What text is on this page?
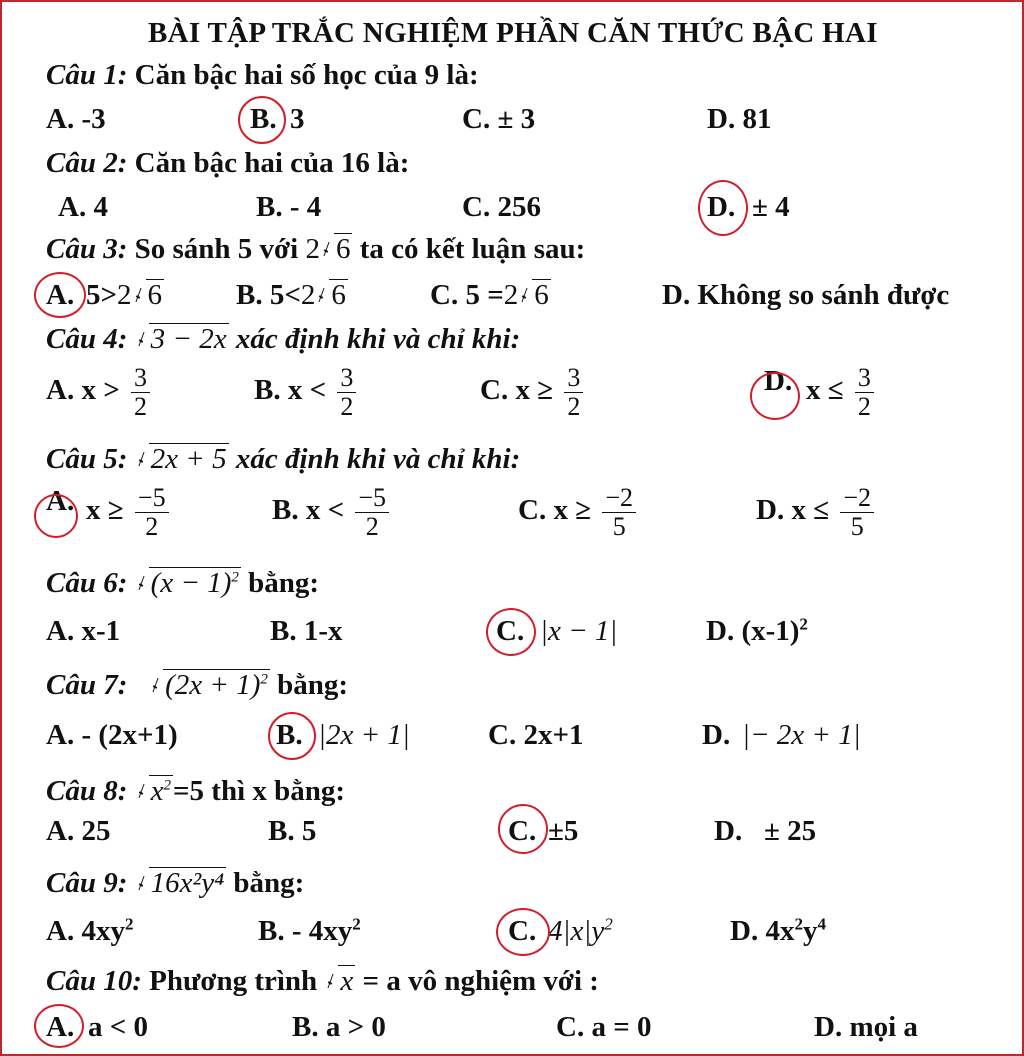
BÀI TẬP TRẮC NGHIỆM PHẦN CĂN THỨC BẬC HAI
Câu 1: Căn bậc hai số học của 9 là:
A. -3	B. 3	C. ± 3	D. 81
Câu 2: Căn bậc hai của 16 là:
A. 4	B. - 4	C. 256	D. ± 4
Câu 3: So sánh 5 với 2 6 ta có kết luận sau:
A. 5>2 6	B. 5<2 6	C. 5 =2 6	D. Không so sánh được
Câu 4: 3 − 2x xác định khi và chỉ khi:
A. $x > \frac{3}{2}$	B. $x < \frac{3}{2}$	C. $x \ge \frac{3}{2}$	D. $x \le \frac{3}{2}$
Câu 5: 2x + 5 xác định khi và chỉ khi:
A. $x \ge \frac{-5}{2}$	B. $x < \frac{-5}{2}$	C. $x \ge \frac{-2}{5}$	D. $x \le \frac{-2}{5}$
Câu 6: $(x - 1)^2$ bằng:
A. x-1	B. 1-x	C. |x − 1|	D. $(x-1)^2$
Câu 7: $(2x + 1)^2$ bằng:
A. - (2x+1)	B. |2x + 1|	C. 2x+1	D. |− 2x + 1|
Câu 8: $x^2=5$ thì x bằng:
A. 25	B. 5	C. ±5	D.   ± 25
Câu 9: 16x²y⁴ bằng:
A. $4xy^2$	B. - $4xy^2$	C. $4|x|y^2$	D. $4x^2y^4$
Câu 10: Phương trình x = a vô nghiệm với :
A. a < 0	B. a > 0	C. a = 0	D. mọi a
